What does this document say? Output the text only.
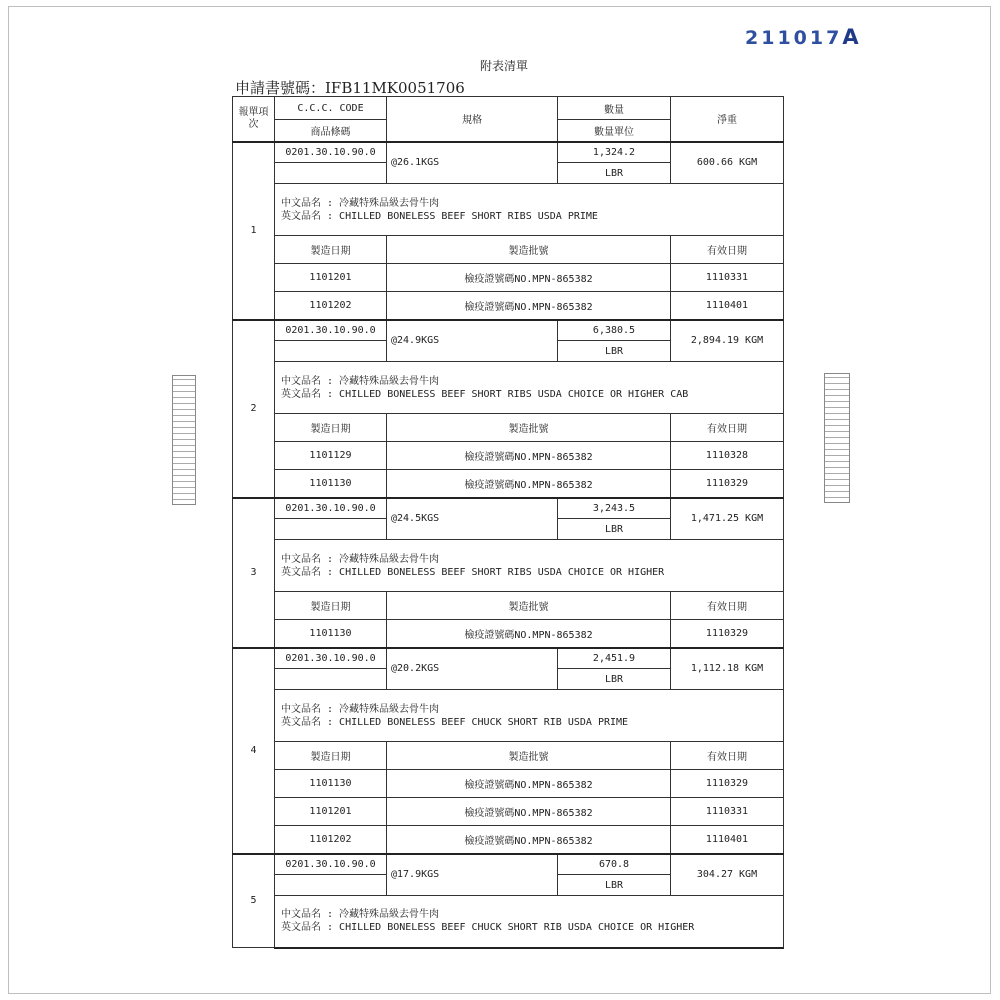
211017A
附表清單
申請書號碼：IFB11MK0051706
報單項次	C.C.C. CODE	規格	數量	淨重
	商品條碼		數量單位	
1	0201.30.10.90.0	@26.1KGS	1,324.2	600.66 KGM
			LBR	

	中文品名 : 冷藏特殊品級去骨牛肉
英文品名 : CHILLED BONELESS BEEF SHORT RIBS USDA PRIME			

	製造日期	製造批號		有效日期
	1101201	檢疫證號碼NO.MPN-865382		1110331
	1101202	檢疫證號碼NO.MPN-865382		1110401
2	0201.30.10.90.0	@24.9KGS	6,380.5	2,894.19 KGM
			LBR	

	中文品名 : 冷藏特殊品級去骨牛肉
英文品名 : CHILLED BONELESS BEEF SHORT RIBS USDA CHOICE OR HIGHER CAB			

	製造日期	製造批號		有效日期
	1101129	檢疫證號碼NO.MPN-865382		1110328
	1101130	檢疫證號碼NO.MPN-865382		1110329
3	0201.30.10.90.0	@24.5KGS	3,243.5	1,471.25 KGM
			LBR	

	中文品名 : 冷藏特殊品級去骨牛肉
英文品名 : CHILLED BONELESS BEEF SHORT RIBS USDA CHOICE OR HIGHER			

	製造日期	製造批號		有效日期
	1101130	檢疫證號碼NO.MPN-865382		1110329
4	0201.30.10.90.0	@20.2KGS	2,451.9	1,112.18 KGM
			LBR	

	中文品名 : 冷藏特殊品級去骨牛肉
英文品名 : CHILLED BONELESS BEEF CHUCK SHORT RIB USDA PRIME			

	製造日期	製造批號		有效日期
	1101130	檢疫證號碼NO.MPN-865382		1110329
	1101201	檢疫證號碼NO.MPN-865382		1110331
	1101202	檢疫證號碼NO.MPN-865382		1110401
5	0201.30.10.90.0	@17.9KGS	670.8	304.27 KGM
			LBR	

	中文品名 : 冷藏特殊品級去骨牛肉
英文品名 : CHILLED BONELESS BEEF CHUCK SHORT RIB USDA CHOICE OR HIGHER			
